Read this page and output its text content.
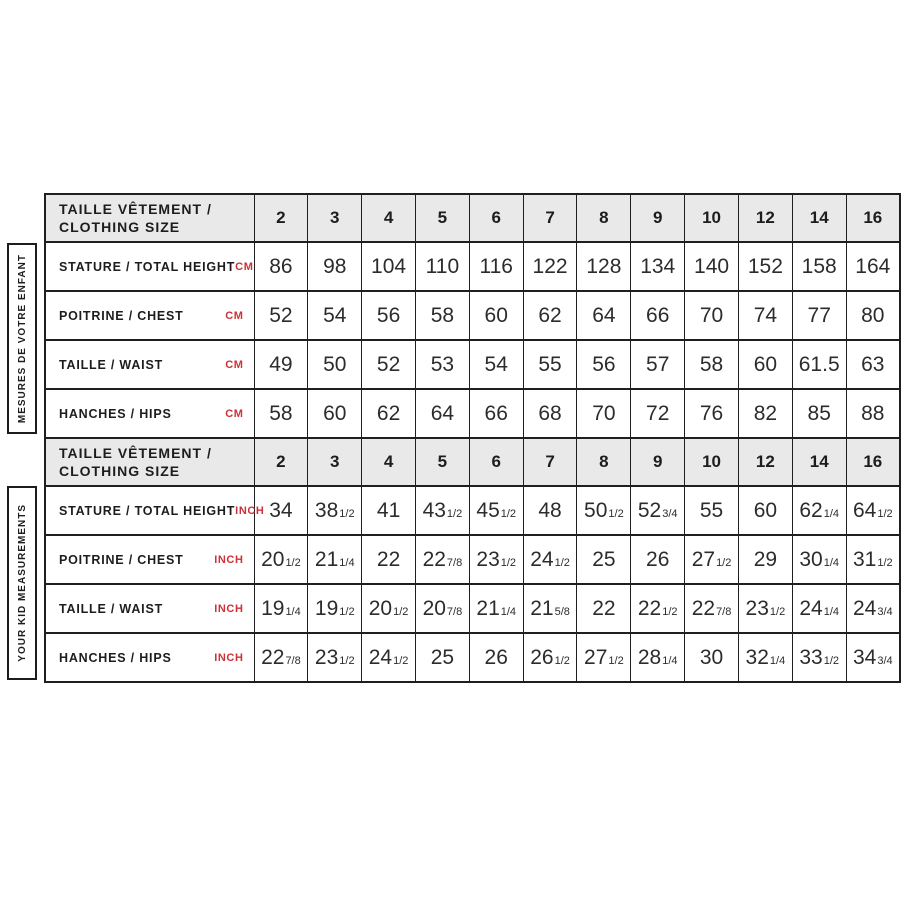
MESURES DE VOTRE ENFANT
YOUR KID MEASUREMENTS
TAILLE VÊTEMENT /
CLOTHING SIZE	2	3	4	5	6	7	8	9	10	12	14	16

STATURE / TOTAL HEIGHT CM	86	98	104	110	116	122	128	134	140	152	158	164

POITRINE / CHEST CM	52	54	56	58	60	62	64	66	70	74	77	80

TAILLE / WAIST CM	49	50	52	53	54	55	56	57	58	60	61.5	63

HANCHES / HIPS CM	58	60	62	64	66	68	70	72	76	82	85	88
TAILLE VÊTEMENT /
CLOTHING SIZE	2	3	4	5	6	7	8	9	10	12	14	16

STATURE / TOTAL HEIGHT INCH	34	381/2	41	431/2	451/2	48	501/2	523/4	55	60	621/4	641/2

POITRINE / CHEST INCH	201/2	211/4	22	227/8	231/2	241/2	25	26	271/2	29	301/4	311/2

TAILLE / WAIST INCH	191/4	191/2	201/2	207/8	211/4	215/8	22	221/2	227/8	231/2	241/4	243/4

HANCHES / HIPS INCH	227/8	231/2	241/2	25	26	261/2	271/2	281/4	30	321/4	331/2	343/4
